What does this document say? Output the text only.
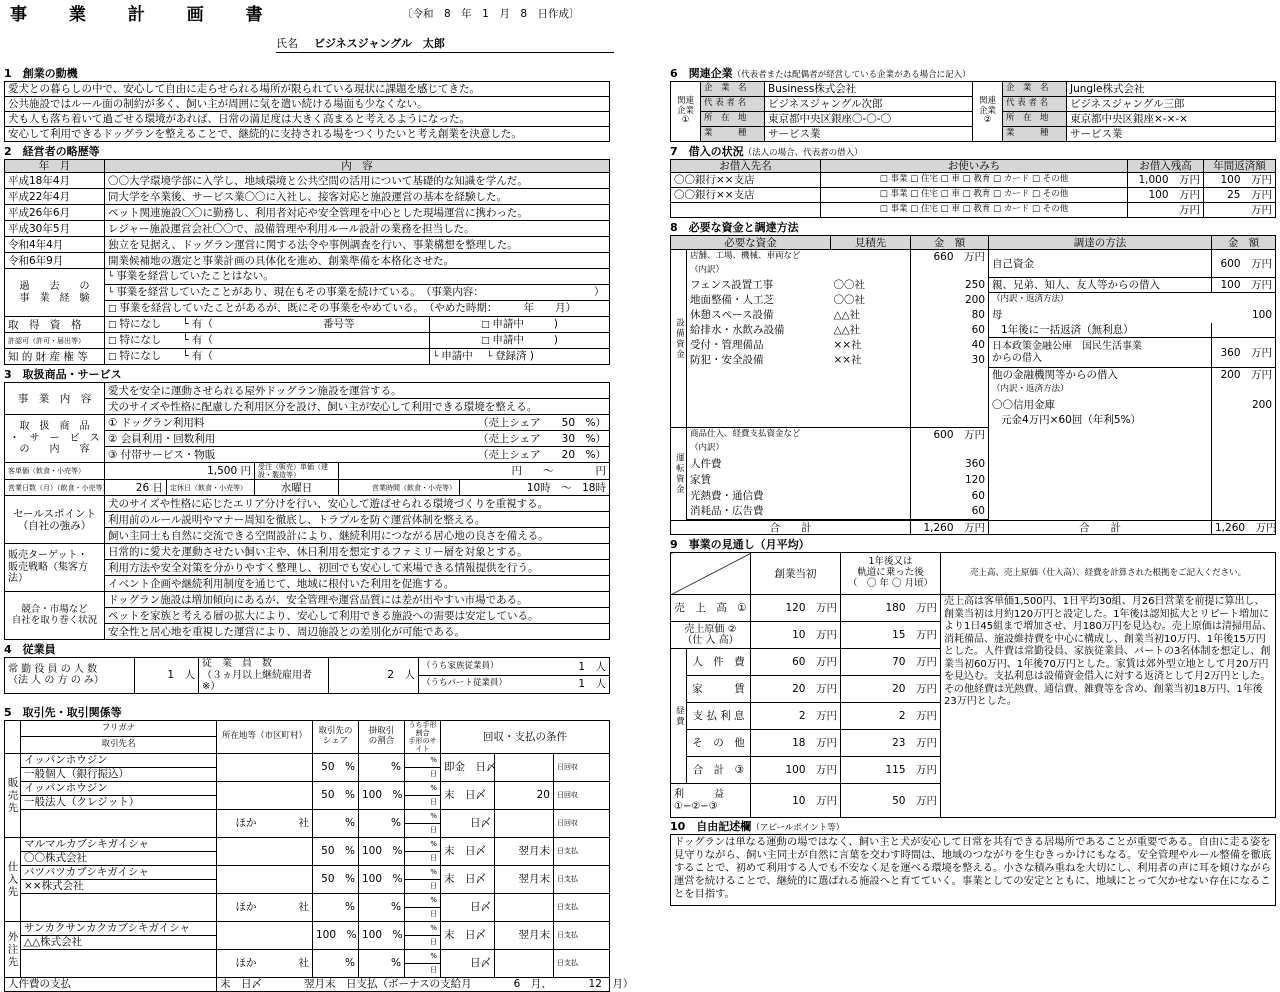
事 業 計 画 書	〔令和　8　年　1　月　8　日作成〕
氏名 ビジネスジャングル　太郎
1　創業の動機
愛犬との暮らしの中で、安心して自由に走らせられる場所が限られている現状に課題を感じてきた。
公共施設ではルール面の制約が多く、飼い主が周囲に気を遣い続ける場面も少なくない。
犬も人も落ち着いて過ごせる環境があれば、日常の満足度は大きく高まると考えるようになった。
安心して利用できるドッグランを整えることで、継続的に支持される場をつくりたいと考え創業を決意した。
2　経営者の略歴等
年　月	内　容	
平成18年4月	〇〇大学環境学部に入学し、地域環境と公共空間の活用について基礎的な知識を学んだ。	
平成22年4月	同大学を卒業後、サービス業〇〇に入社し、接客対応と施設運営の基本を経験した。	
平成26年6月	ペット関連施設〇〇に勤務し、利用者対応や安全管理を中心とした現場運営に携わった。	
平成30年5月	レジャー施設運営会社〇〇で、設備管理や利用ルール設計の業務を担当した。	
令和4年4月	独立を見据え、ドッグラン運営に関する法令や事例調査を行い、事業構想を整理した。	
令和6年9月	開業候補地の選定と事業計画の具体化を進め、創業準備を本格化させた。	
過　　去　　の
事　業　経　験	└ 事業を経営していたことはない。	
	└ 事業を経営していたことがあり、現在もその事業を続けている。　（事業内容：　　　　　　　　　　　）	
	□ 事業を経営していたことがあるが、既にその事業をやめている。　（やめた時期：　　　年　　月）	
取　得　資　格	□ 特になし　　└ 有（ 番号等	□ 申請中 )
許認可（許可・届出等）	□ 特になし　　└ 有（	□ 申請中 )
知 的 財 産 権 等	□ 特になし　　└ 有（	└ 申請中 └ 登録済 )
3　取扱商品・サービス
事　業　内　容	愛犬を安全に運動させられる屋外ドッグラン施設を運営する。				
	犬のサイズや性格に配慮した利用区分を設け、飼い主が安心して利用できる環境を整える。				
取　扱　商　品
・　サ　ー　ビ　ス
の　　内　　容	① ドッグラン利用料				（売上シェア　　50　%）
	② 会員利用・回数利用				（売上シェア　　30　%）
	③ 付帯サービス・物販				（売上シェア　　20　%）
客単価（飲食・小売等）	1,500 円		受注（販売）単価（建設・製造等）	円　　〜　　　　円	
営業日数（月）（飲食・小売等）	26 日	定休日（飲食・小売等）	水曜日	営業時間（飲食・小売等）	10時　〜　18時
セールスポイント
（自社の強み）	犬のサイズや性格に応じたエリア分けを行い、安心して遊ばせられる環境づくりを重視する。				
	利用前のルール説明やマナー周知を徹底し、トラブルを防ぐ運営体制を整える。				
	飼い主同士も自然に交流できる空間設計により、継続利用につながる居心地の良さを備える。				
販売ターゲット・
販売戦略（集客方
法）	日常的に愛犬を運動させたい飼い主や、休日利用を想定するファミリー層を対象とする。				
	利用方法や安全対策を分かりやすく整理し、初回でも安心して来場できる情報提供を行う。				
	イベント企画や継続利用制度を通じて、地域に根付いた利用を促進する。				
競合・市場など
自社を取り巻く状況	ドッグラン施設は増加傾向にあるが、安全管理や運営品質には差が出やすい市場である。				
	ペットを家族と考える層の拡大により、安心して利用できる施設への需要は安定している。				
	安全性と居心地を重視した運営により、周辺施設との差別化が可能である。				
4　従業員
常 勤 役 員 の 人 数
（法 人 の 方 の み）	1　人	従　業　員　数
（３ヵ月以上継続雇用者※）	2　人	（うち家族従業員）	1　人
				（うちパート従業員）	1　人
5　取引先・取引関係等
	フリガナ	所在地等（市区町村）	取引先の
シェア	掛取引
の割合	うち手形割合
手形のサイト	回収・支払の条件		
	取引先名							
販売先	イッパンホウジン		50　%	　%	%	即金　日〆		日回収
	一般個人（銀行振込）				日			
	イッパンホウジン		50　%	100　%	%	末　日〆	20	日回収
	一般法人（クレジット）				日			
		ほか　　　　社	%	%	%	日〆		日回収
					日			
仕入先	マルマルカブシキガイシャ		50　%	100　%	%	末　日〆	翌月末	日支払
	〇〇株式会社				日			
	バツバツカブシキガイシャ		50　%	100　%	%	末　日〆	翌月末	日支払
	××株式会社				日			
		ほか　　　　社	%	%	%	日〆		日支払
					日			
外注先	サンカクサンカクカブシキガイシャ		100　%	100　%	%	末　日〆	翌月末	日支払
	△△株式会社				日			
		ほか　　　　社	%	%	%	日〆		日支払
					日			
人件費の支払		末　日〆　　　　翌月末　日支払（ボーナスの支給月　　　　6　月、　　　　12　月）						
6　関連企業（代表者または配偶者が経営している企業がある場合に記入）
関連企業①	企　業　名	Business株式会社	関連企業②	企　業　名	Jungle株式会社
	代 表 者 名	ビジネスジャングル次郎		代 表 者 名	ビジネスジャングル三郎
	所　在　地	東京都中央区銀座〇-〇-〇		所　在　地	東京都中央区銀座×-×-×
	業　　　種	サービス業		業　　　種	サービス業
7　借入の状況（法人の場合、代表者の借入）
お借入先名	お使いみち	お借入残高	年間返済額
〇〇銀行××支店	□ 事業 □ 住宅 □ 車 □ 教育 □ カード □ その他	1,000　万円	100　万円
〇〇銀行××支店	□ 事業 □ 住宅 □ 車 □ 教育 □ カード □ その他	100　万円	25　万円
	□ 事業 □ 住宅 □ 車 □ 教育 □ カード □ その他	万円	万円
8　必要な資金と調達方法
必要な資金		見積先	金　額	調達の方法	金　額
設備資金	店舗、工場、機械、車両など		660　万円	自己資金	600　万円
	（内訳）				
	フェンス設置工事	〇〇社	250	親、兄弟、知人、友人等からの借入	100　万円
	地面整備・人工芝	〇〇社	200	（内訳・返済方法）	
	休憩スペース設備	△△社	80	母	100
	給排水・水飲み設備	△△社	60	1年後に一括返済（無利息）	
	受付・管理備品	××社	40	日本政策金融公庫　国民生活事業
からの借入	360　万円
	防犯・安全設備	××社	30		
				他の金融機関等からの借入	200　万円
				（内訳・返済方法）	
				〇〇信用金庫	200
				元金4万円×60回（年利5%）	
運転資金	商品仕入、経費支払資金など		600　万円		
	（内訳）				
	人件費		360		
	家賃		120		
	光熱費・通信費		60		
	消耗品・広告費		60		

合　　計			1,260　万円	合　　計	1,260　万円
9　事業の見通し（月平均）
		創業当初	1年後又は
軌道に乗った後
（　〇 年 〇 月頃）	売上高、売上原価（仕入高）、経費を計算された根拠をご記入ください。
売　上　高　①		120　万円	180　万円	売上高は客単価1,500円、1日平均30組、月26日営業を前提に算出し、創業当初は月約120万円と設定した。1年後は認知拡大とリピート増加により1日45組まで増加させ、月180万円を見込む。売上原価は清掃用品、消耗備品、施設維持費を中心に構成し、創業当初10万円、1年後15万円とした。人件費は常勤役員、家族従業員、パートの3名体制を想定し、創業当初60万円、1年後70万円とした。家賃は郊外型立地として月20万円を見込む。支払利息は設備資金借入に対する返済として月2万円とした。その他経費は光熱費、通信費、雑費等を含め、創業当初18万円、1年後23万円とした。
売上原価 ②
（仕 入 高）		10　万円	15　万円	
経費	人　件　費	60　万円	70　万円	
	家　　　賃	20　万円	20　万円	
	支 払 利 息	2　万円	2　万円	
	そ　の　他	18　万円	23　万円	
	合　計　③	100　万円	115　万円	
利　　　益
①−②−③		10　万円	50　万円	
10　自由記述欄（アピールポイント等）
ドッグランは単なる運動の場ではなく、飼い主と犬が安心して日常を共有できる居場所であることが重要である。自由に走る姿を見守りながら、飼い主同士が自然に言葉を交わす時間は、地域のつながりを生むきっかけにもなる。安全管理やルール整備を徹底することで、初めて利用する人でも不安なく足を運べる環境を整える。小さな積み重ねを大切にし、利用者の声に耳を傾けながら運営を続けることで、継続的に選ばれる施設へと育てていく。事業としての安定とともに、地域にとって欠かせない存在になることを目指す。
